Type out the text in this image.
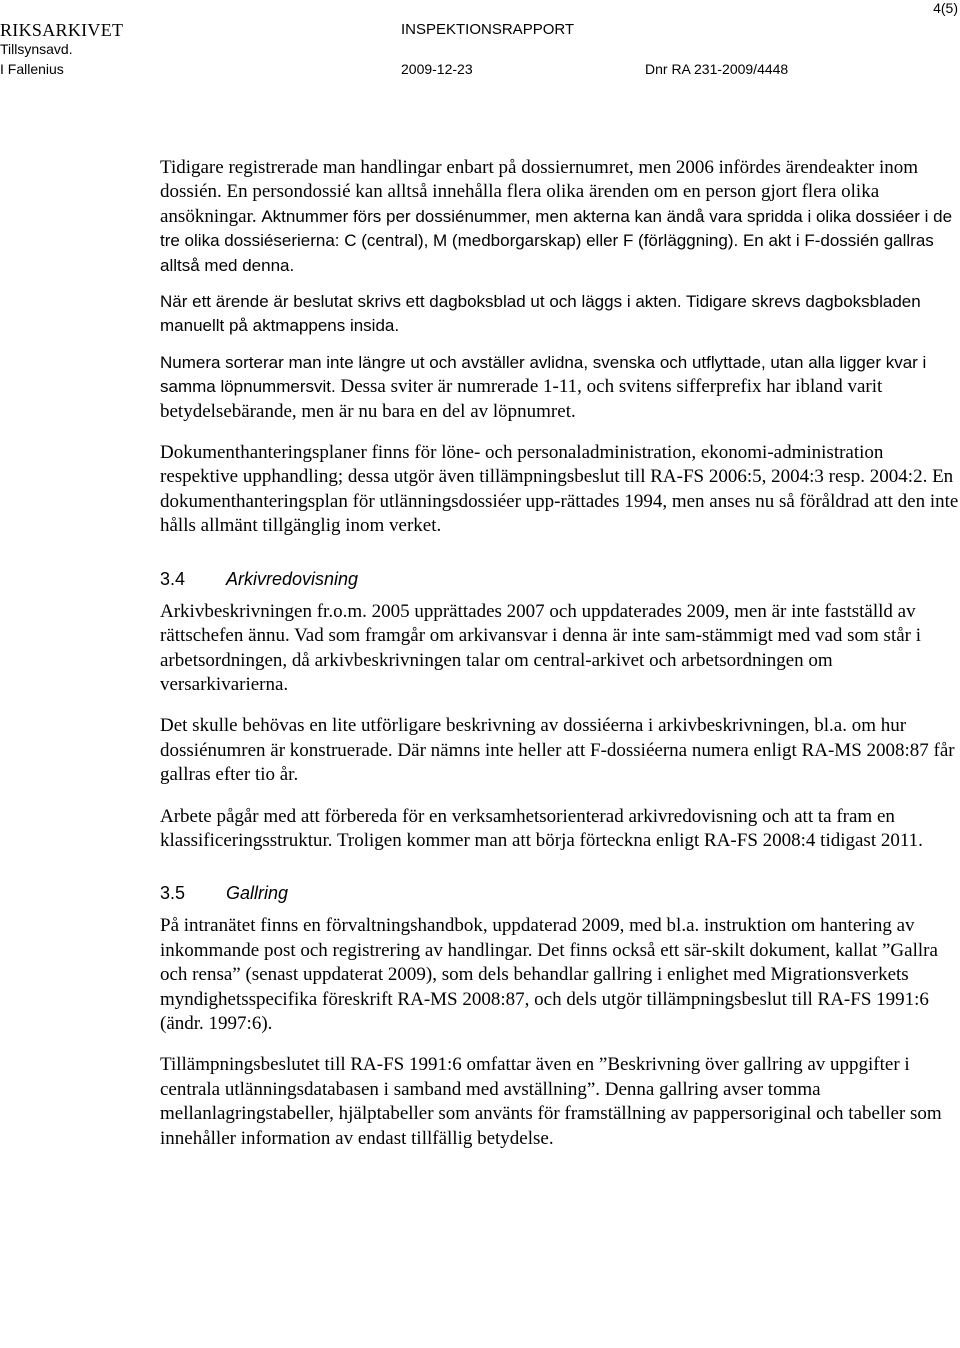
RIKSARKIVET
Tillsynsavd.
I Fallenius
INSPEKTIONSRAPPORT
2009-12-23	Dnr RA 231-2009/4448
4(5)

Tidigare registrerade man handlingar enbart på dossiernumret, men 2006 infördes ärendeakter inom dossién. En persondossié kan alltså innehålla flera olika ärenden om en person gjort flera olika ansökningar. Aktnummer förs per dossiénummer, men akterna kan ändå vara spridda i olika dossiéer i de tre olika dossiéserierna: C (central), M (medborgarskap) eller F (förläggning). En akt i F-dossién gallras alltså med denna.

När ett ärende är beslutat skrivs ett dagboksblad ut och läggs i akten. Tidigare skrevs dagboksbladen manuellt på aktmappens insida.

Numera sorterar man inte längre ut och avställer avlidna, svenska och utflyttade, utan alla ligger kvar i samma löpnummersvit. Dessa sviter är numrerade 1-11, och svitens sifferprefix har ibland varit betydelsebärande, men är nu bara en del av löpnumret.

Dokumenthanteringsplaner finns för löne- och personaladministration, ekonomi-administration respektive upphandling; dessa utgör även tillämpningsbeslut till RA-FS 2006:5, 2004:3 resp. 2004:2. En dokumenthanteringsplan för utlänningsdossiéer upp-rättades 1994, men anses nu så föråldrad att den inte hålls allmänt tillgänglig inom verket.

3.4 Arkivredovisning

Arkivbeskrivningen fr.o.m. 2005 upprättades 2007 och uppdaterades 2009, men är inte fastställd av rättschefen ännu. Vad som framgår om arkivansvar i denna är inte sam-stämmigt med vad som står i arbetsordningen, då arkivbeskrivningen talar om central-arkivet och arbetsordningen om versarkivarierna.

Det skulle behövas en lite utförligare beskrivning av dossiéerna i arkivbeskrivningen, bl.a. om hur dossiénumren är konstruerade. Där nämns inte heller att F-dossiéerna numera enligt RA-MS 2008:87 får gallras efter tio år.

Arbete pågår med att förbereda för en verksamhetsorienterad arkivredovisning och att ta fram en klassificeringsstruktur. Troligen kommer man att börja förteckna enligt RA-FS 2008:4 tidigast 2011.

3.5 Gallring

På intranätet finns en förvaltningshandbok, uppdaterad 2009, med bl.a. instruktion om hantering av inkommande post och registrering av handlingar. Det finns också ett sär-skilt dokument, kallat ”Gallra och rensa” (senast uppdaterat 2009), som dels behandlar gallring i enlighet med Migrationsverkets myndighetsspecifika föreskrift RA-MS 2008:87, och dels utgör tillämpningsbeslut till RA-FS 1991:6 (ändr. 1997:6).

Tillämpningsbeslutet till RA-FS 1991:6 omfattar även en ”Beskrivning över gallring av uppgifter i centrala utlänningsdatabasen i samband med avställning”. Denna gallring avser tomma mellanlagringstabeller, hjälptabeller som använts för framställning av pappersoriginal och tabeller som innehåller information av endast tillfällig betydelse.
